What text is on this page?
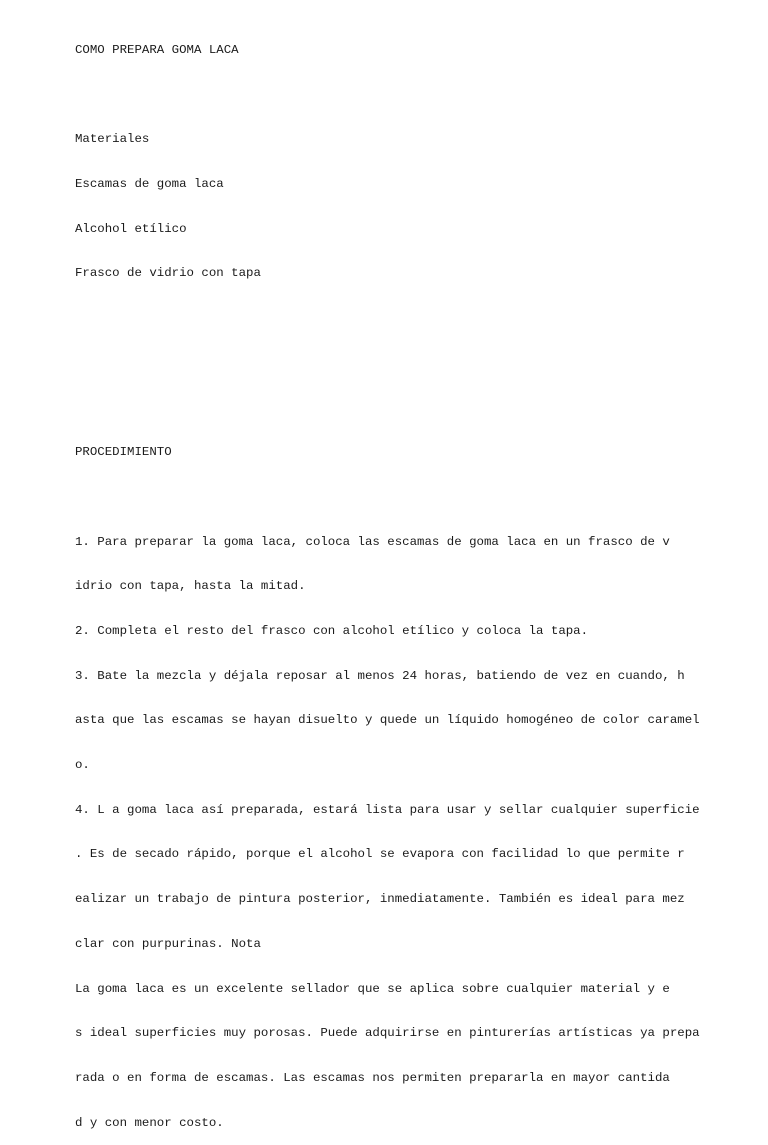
COMO PREPARA GOMA LACA

Materiales

Escamas de goma laca

Alcohol etílico

Frasco de vidrio con tapa

PROCEDIMIENTO

1. Para preparar la goma laca, coloca las escamas de goma laca en un frasco de v

idrio con tapa, hasta la mitad.

2. Completa el resto del frasco con alcohol etílico y coloca la tapa.

3. Bate la mezcla y déjala reposar al menos 24 horas, batiendo de vez en cuando, h

asta que las escamas se hayan disuelto y quede un líquido homogéneo de color caramel

o.

4. L a goma laca así preparada, estará lista para usar y sellar cualquier superficie

. Es de secado rápido, porque el alcohol se evapora con facilidad lo que permite r

ealizar un trabajo de pintura posterior, inmediatamente. También es ideal para mez

clar con purpurinas. Nota

La goma laca es un excelente sellador que se aplica sobre cualquier material y e

s ideal superficies muy porosas. Puede adquirirse en pinturerías artísticas ya prepa

rada o en forma de escamas. Las escamas nos permiten prepararla en mayor cantida

d y con menor costo.
